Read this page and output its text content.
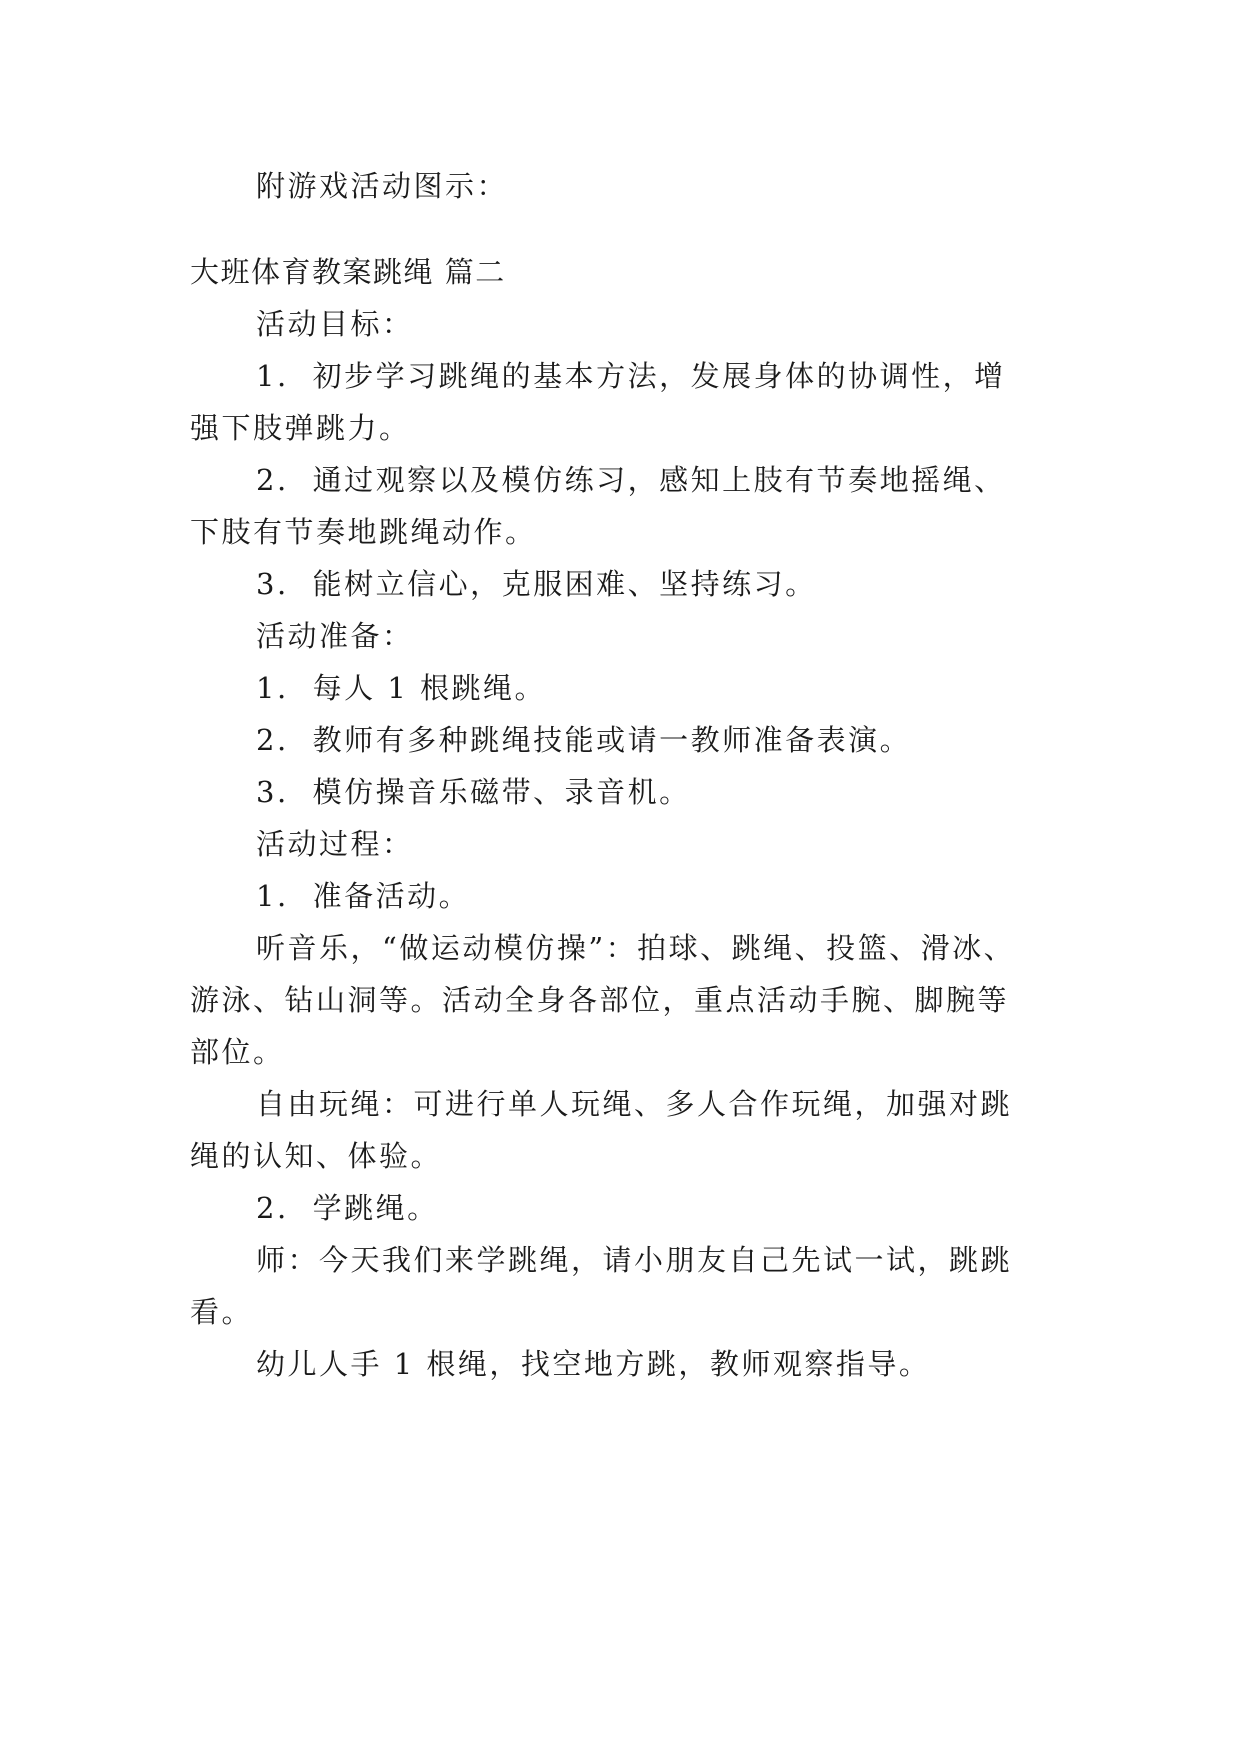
附游戏活动图示：
大班体育教案跳绳 篇二
活动目标：
1. 初步学习跳绳的基本方法，发展身体的协调性，增
强下肢弹跳力。
2. 通过观察以及模仿练习，感知上肢有节奏地摇绳、
下肢有节奏地跳绳动作。
3. 能树立信心，克服困难、坚持练习。
活动准备：
1. 每人 1 根跳绳。
2. 教师有多种跳绳技能或请一教师准备表演。
3. 模仿操音乐磁带、录音机。
活动过程：
1. 准备活动。
听音乐，“做运动模仿操”：拍球、跳绳、投篮、滑冰、
游泳、钻山洞等。活动全身各部位，重点活动手腕、脚腕等
部位。
自由玩绳：可进行单人玩绳、多人合作玩绳，加强对跳
绳的认知、体验。
2. 学跳绳。
师：今天我们来学跳绳，请小朋友自己先试一试，跳跳
看。
幼儿人手 1 根绳，找空地方跳，教师观察指导。
